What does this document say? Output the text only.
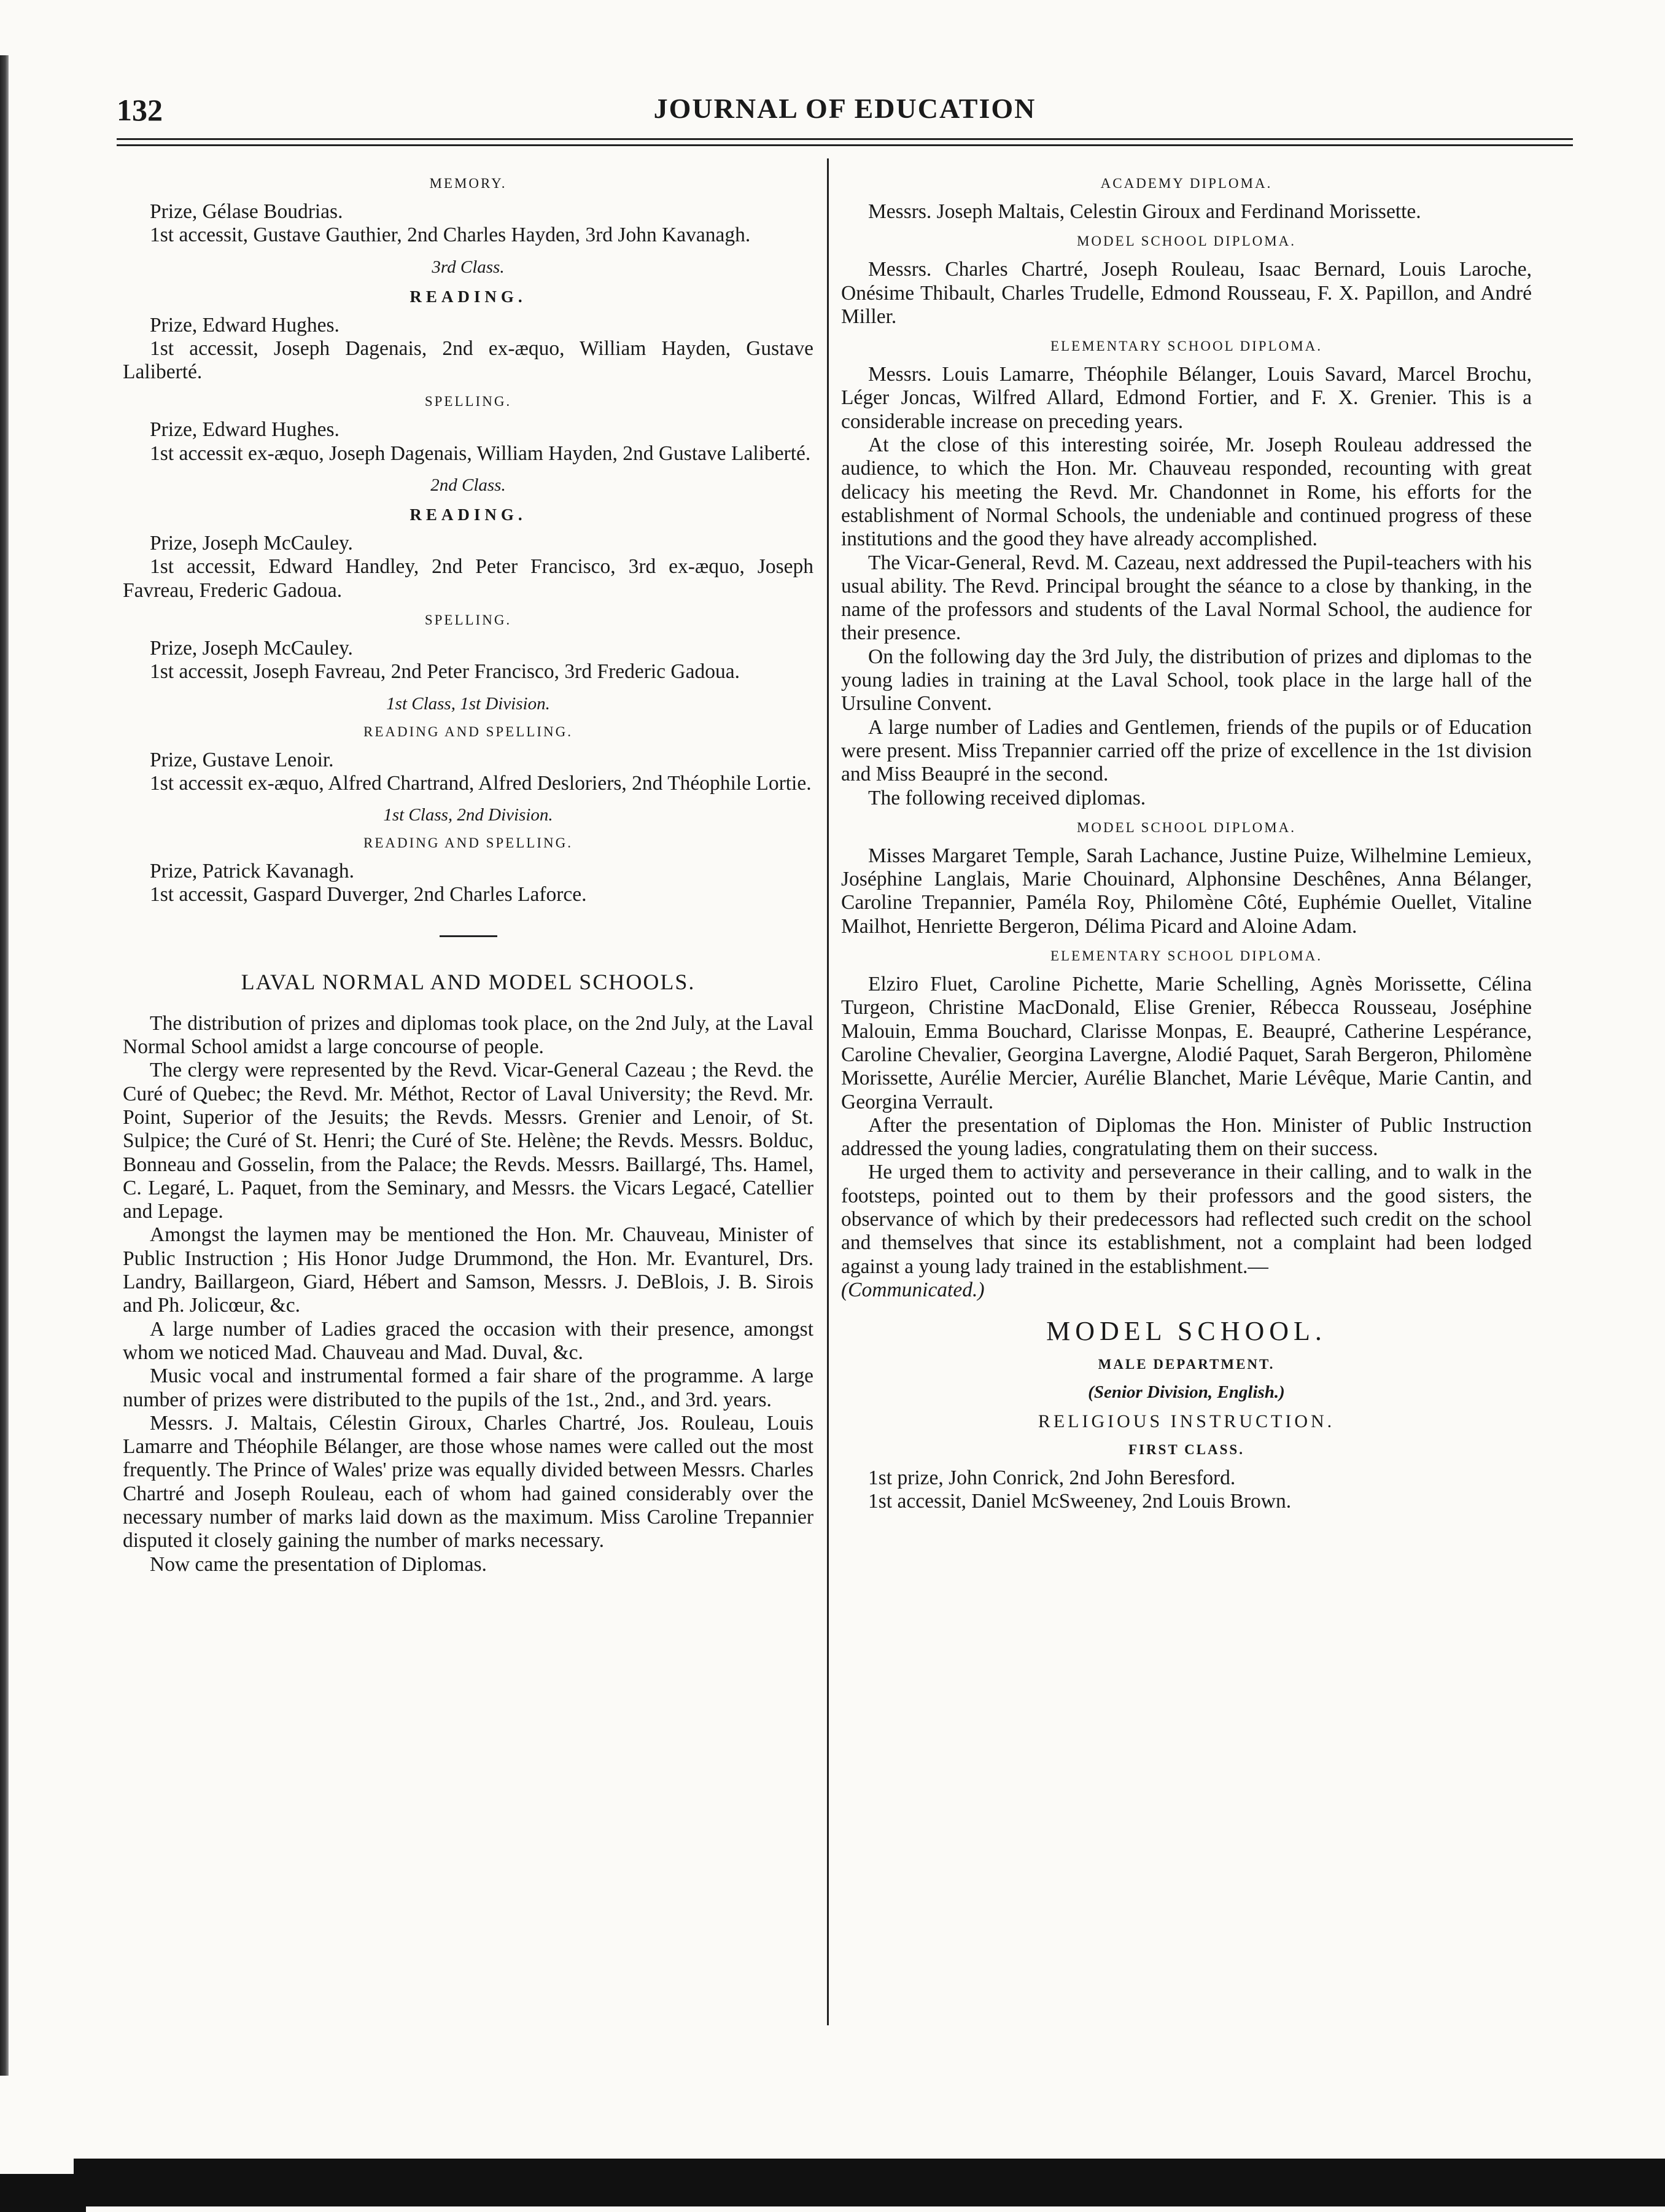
132	JOURNAL OF EDUCATION
MEMORY.

Prize, Gélase Boudrias.

1st accessit, Gustave Gauthier, 2nd Charles Hayden, 3rd John Kavanagh.

3rd Class.
READING.

Prize, Edward Hughes.

1st accessit, Joseph Dagenais, 2nd ex-æquo, William Hayden, Gustave Laliberté.

SPELLING.

Prize, Edward Hughes.

1st accessit ex-æquo, Joseph Dagenais, William Hayden, 2nd Gustave Laliberté.

2nd Class.
READING.

Prize, Joseph McCauley.

1st accessit, Edward Handley, 2nd Peter Francisco, 3rd ex-æquo, Joseph Favreau, Frederic Gadoua.

SPELLING.

Prize, Joseph McCauley.

1st accessit, Joseph Favreau, 2nd Peter Francisco, 3rd Frederic Gadoua.

1st Class, 1st Division.
READING AND SPELLING.

Prize, Gustave Lenoir.

1st accessit ex-æquo, Alfred Chartrand, Alfred Desloriers, 2nd Théophile Lortie.

1st Class, 2nd Division.
READING AND SPELLING.

Prize, Patrick Kavanagh.

1st accessit, Gaspard Duverger, 2nd Charles Laforce.

LAVAL NORMAL AND MODEL SCHOOLS.

The distribution of prizes and diplomas took place, on the 2nd July, at the Laval Normal School amidst a large concourse of people.

The clergy were represented by the Revd. Vicar-General Cazeau ; the Revd. the Curé of Quebec; the Revd. Mr. Méthot, Rector of Laval University; the Revd. Mr. Point, Superior of the Jesuits; the Revds. Messrs. Grenier and Lenoir, of St. Sulpice; the Curé of St. Henri; the Curé of Ste. Helène; the Revds. Messrs. Bolduc, Bonneau and Gosselin, from the Palace; the Revds. Messrs. Baillargé, Ths. Hamel, C. Legaré, L. Paquet, from the Seminary, and Messrs. the Vicars Legacé, Catellier and Lepage.

Amongst the laymen may be mentioned the Hon. Mr. Chauveau, Minister of Public Instruction ; His Honor Judge Drummond, the Hon. Mr. Evanturel, Drs. Landry, Baillargeon, Giard, Hébert and Samson, Messrs. J. DeBlois, J. B. Sirois and Ph. Jolicœur, &c.

A large number of Ladies graced the occasion with their presence, amongst whom we noticed Mad. Chauveau and Mad. Duval, &c.

Music vocal and instrumental formed a fair share of the programme. A large number of prizes were distributed to the pupils of the 1st., 2nd., and 3rd. years.

Messrs. J. Maltais, Célestin Giroux, Charles Chartré, Jos. Rouleau, Louis Lamarre and Théophile Bélanger, are those whose names were called out the most frequently. The Prince of Wales' prize was equally divided between Messrs. Charles Chartré and Joseph Rouleau, each of whom had gained considerably over the necessary number of marks laid down as the maximum. Miss Caroline Trepannier disputed it closely gaining the number of marks necessary.

Now came the presentation of Diplomas.

ACADEMY DIPLOMA.

Messrs. Joseph Maltais, Celestin Giroux and Ferdinand Morissette.

MODEL SCHOOL DIPLOMA.

Messrs. Charles Chartré, Joseph Rouleau, Isaac Bernard, Louis Laroche, Onésime Thibault, Charles Trudelle, Edmond Rousseau, F. X. Papillon, and André Miller.

ELEMENTARY SCHOOL DIPLOMA.

Messrs. Louis Lamarre, Théophile Bélanger, Louis Savard, Marcel Brochu, Léger Joncas, Wilfred Allard, Edmond Fortier, and F. X. Grenier. This is a considerable increase on preceding years.

At the close of this interesting soirée, Mr. Joseph Rouleau addressed the audience, to which the Hon. Mr. Chauveau responded, recounting with great delicacy his meeting the Revd. Mr. Chandonnet in Rome, his efforts for the establishment of Normal Schools, the undeniable and continued progress of these institutions and the good they have already accomplished.

The Vicar-General, Revd. M. Cazeau, next addressed the Pupil-teachers with his usual ability. The Revd. Principal brought the séance to a close by thanking, in the name of the professors and students of the Laval Normal School, the audience for their presence.

On the following day the 3rd July, the distribution of prizes and diplomas to the young ladies in training at the Laval School, took place in the large hall of the Ursuline Convent.

A large number of Ladies and Gentlemen, friends of the pupils or of Education were present. Miss Trepannier carried off the prize of excellence in the 1st division and Miss Beaupré in the second.

The following received diplomas.

MODEL SCHOOL DIPLOMA.

Misses Margaret Temple, Sarah Lachance, Justine Puize, Wilhelmine Lemieux, Joséphine Langlais, Marie Chouinard, Alphonsine Deschênes, Anna Bélanger, Caroline Trepannier, Paméla Roy, Philomène Côté, Euphémie Ouellet, Vitaline Mailhot, Henriette Bergeron, Délima Picard and Aloine Adam.

ELEMENTARY SCHOOL DIPLOMA.

Elziro Fluet, Caroline Pichette, Marie Schelling, Agnès Morissette, Célina Turgeon, Christine MacDonald, Elise Grenier, Rébecca Rousseau, Joséphine Malouin, Emma Bouchard, Clarisse Monpas, E. Beaupré, Catherine Lespérance, Caroline Chevalier, Georgina Lavergne, Alodié Paquet, Sarah Bergeron, Philomène Morissette, Aurélie Mercier, Aurélie Blanchet, Marie Lévêque, Marie Cantin, and Georgina Verrault.

After the presentation of Diplomas the Hon. Minister of Public Instruction addressed the young ladies, congratulating them on their success.

He urged them to activity and perseverance in their calling, and to walk in the footsteps, pointed out to them by their professors and the good sisters, the observance of which by their predecessors had reflected such credit on the school and themselves that since its establishment, not a complaint had been lodged against a young lady trained in the establishment.—

(Communicated.)

MODEL SCHOOL.
MALE DEPARTMENT.
(Senior Division, English.)
RELIGIOUS INSTRUCTION.
FIRST CLASS.

1st prize, John Conrick, 2nd John Beresford.

1st accessit, Daniel McSweeney, 2nd Louis Brown.
